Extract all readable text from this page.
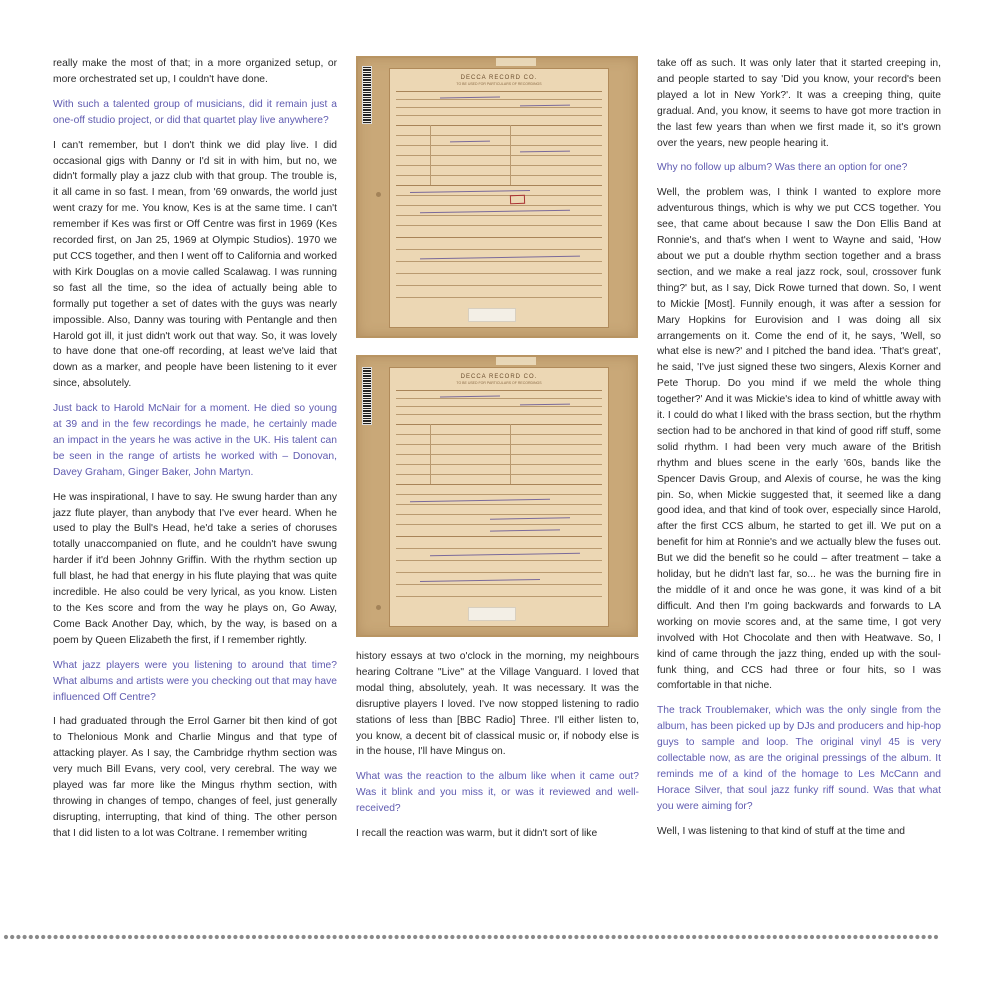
really make the most of that; in a more organized setup, or more orchestrated set up, I couldn't have done.

With such a talented group of musicians, did it remain just a one-off studio project, or did that quartet play live anywhere?

I can't remember, but I don't think we did play live. I did occasional gigs with Danny or I'd sit in with him, but no, we didn't formally play a jazz club with that group. The trouble is, it all came in so fast. I mean, from '69 onwards, the world just went crazy for me. You know, Kes is at the same time. I can't remember if Kes was first or Off Centre was first in 1969 (Kes recorded first, on Jan 25, 1969 at Olympic Studios). 1970 we put CCS together, and then I went off to California and worked with Kirk Douglas on a movie called Scalawag. I was running so fast all the time, so the idea of actually being able to formally put together a set of dates with the guys was nearly impossible. Also, Danny was touring with Pentangle and then Harold got ill, it just didn't work out that way. So, it was lovely to have done that one-off recording, at least we've laid that down as a marker, and people have been listening to it ever since, absolutely.

Just back to Harold McNair for a moment. He died so young at 39 and in the few recordings he made, he certainly made an impact in the years he was active in the UK. His talent can be seen in the range of artists he worked with – Donovan, Davey Graham, Ginger Baker, John Martyn.

He was inspirational, I have to say. He swung harder than any jazz flute player, than anybody that I've ever heard. When he used to play the Bull's Head, he'd take a series of choruses totally unaccompanied on flute, and he couldn't have swung harder if it'd been Johnny Griffin. With the rhythm section up full blast, he had that energy in his flute playing that was quite incredible. He also could be very lyrical, as you know. Listen to the Kes score and from the way he plays on, Go Away, Come Back Another Day, which, by the way, is based on a poem by Queen Elizabeth the first, if I remember rightly.

What jazz players were you listening to around that time? What albums and artists were you checking out that may have influenced Off Centre?

I had graduated through the Errol Garner bit then kind of got to Thelonious Monk and Charlie Mingus and that type of attacking player. As I say, the Cambridge rhythm section was very much Bill Evans, very cool, very cerebral. The way we played was far more like the Mingus rhythm section, with throwing in changes of tempo, changes of feel, just generally disrupting, interrupting, that kind of thing. The other person that I did listen to a lot was Coltrane. I remember writing

DECCA RECORD CO.
TO BE USED FOR PARTICULARS OF RECORDINGS

DECCA RECORD CO.
TO BE USED FOR PARTICULARS OF RECORDINGS

history essays at two o'clock in the morning, my neighbours hearing Coltrane "Live" at the Village Vanguard. I loved that modal thing, absolutely, yeah. It was necessary. It was the disruptive players I loved. I've now stopped listening to radio stations of less than [BBC Radio] Three. I'll either listen to, you know, a decent bit of classical music or, if nobody else is in the house, I'll have Mingus on.

What was the reaction to the album like when it came out? Was it blink and you miss it, or was it reviewed and well-received?

I recall the reaction was warm, but it didn't sort of like

take off as such. It was only later that it started creeping in, and people started to say 'Did you know, your record's been played a lot in New York?'. It was a creeping thing, quite gradual. And, you know, it seems to have got more traction in the last few years than when we first made it, so it's grown over the years, new people hearing it.

Why no follow up album? Was there an option for one?

Well, the problem was, I think I wanted to explore more adventurous things, which is why we put CCS together. You see, that came about because I saw the Don Ellis Band at Ronnie's, and that's when I went to Wayne and said, 'How about we put a double rhythm section together and a brass section, and we make a real jazz rock, soul, crossover funk thing?' but, as I say, Dick Rowe turned that down. So, I went to Mickie [Most]. Funnily enough, it was after a session for Mary Hopkins for Eurovision and I was doing all six arrangements on it. Come the end of it, he says, 'Well, so what else is new?' and I pitched the band idea. 'That's great', he said, 'I've just signed these two singers, Alexis Korner and Pete Thorup. Do you mind if we meld the whole thing together?' And it was Mickie's idea to kind of whittle away with it. I could do what I liked with the brass section, but the rhythm section had to be anchored in that kind of good riff stuff, some solid rhythm. I had been very much aware of the British rhythm and blues scene in the early '60s, bands like the Spencer Davis Group, and Alexis of course, he was the king pin. So, when Mickie suggested that, it seemed like a dang good idea, and that kind of took over, especially since Harold, after the first CCS album, he started to get ill. We put on a benefit for him at Ronnie's and we actually blew the fuses out. But we did the benefit so he could – after treatment – take a holiday, but he didn't last far, so... he was the burning fire in the middle of it and once he was gone, it was kind of a bit difficult. And then I'm going backwards and forwards to LA working on movie scores and, at the same time, I got very involved with Hot Chocolate and then with Heatwave. So, I kind of came through the jazz thing, ended up with the soul-funk thing, and CCS had three or four hits, so I was comfortable in that niche.

The track Troublemaker, which was the only single from the album, has been picked up by DJs and producers and hip-hop guys to sample and loop. The original vinyl 45 is very collectable now, as are the original pressings of the album. It reminds me of a kind of the homage to Les McCann and Horace Silver, that soul jazz funky riff sound. Was that what you were aiming for?

Well, I was listening to that kind of stuff at the time and
